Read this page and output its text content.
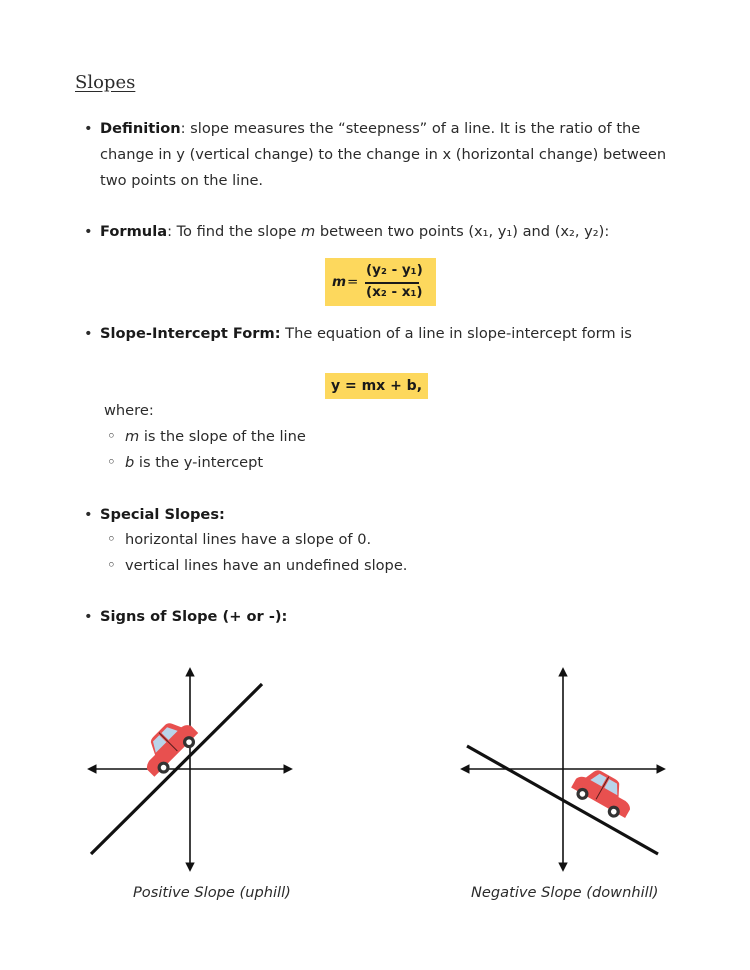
Slopes
• Definition: slope measures the “steepness” of a line. It is the ratio of the
change in y (vertical change) to the change in x (horizontal change) between
two points on the line.
• Formula: To find the slope m between two points (x₁, y₁) and (x₂, y₂):
m =
(y₂ - y₁)
(x₂ - x₁)
• Slope-Intercept Form: The equation of a line in slope-intercept form is
y = mx + b,
where:
◦ m is the slope of the line
◦ b is the y-intercept
• Special Slopes:
◦ horizontal lines have a slope of 0.
◦ vertical lines have an undefined slope.
• Signs of Slope (+ or -):
Positive Slope (uphill)	Negative Slope (downhill)
